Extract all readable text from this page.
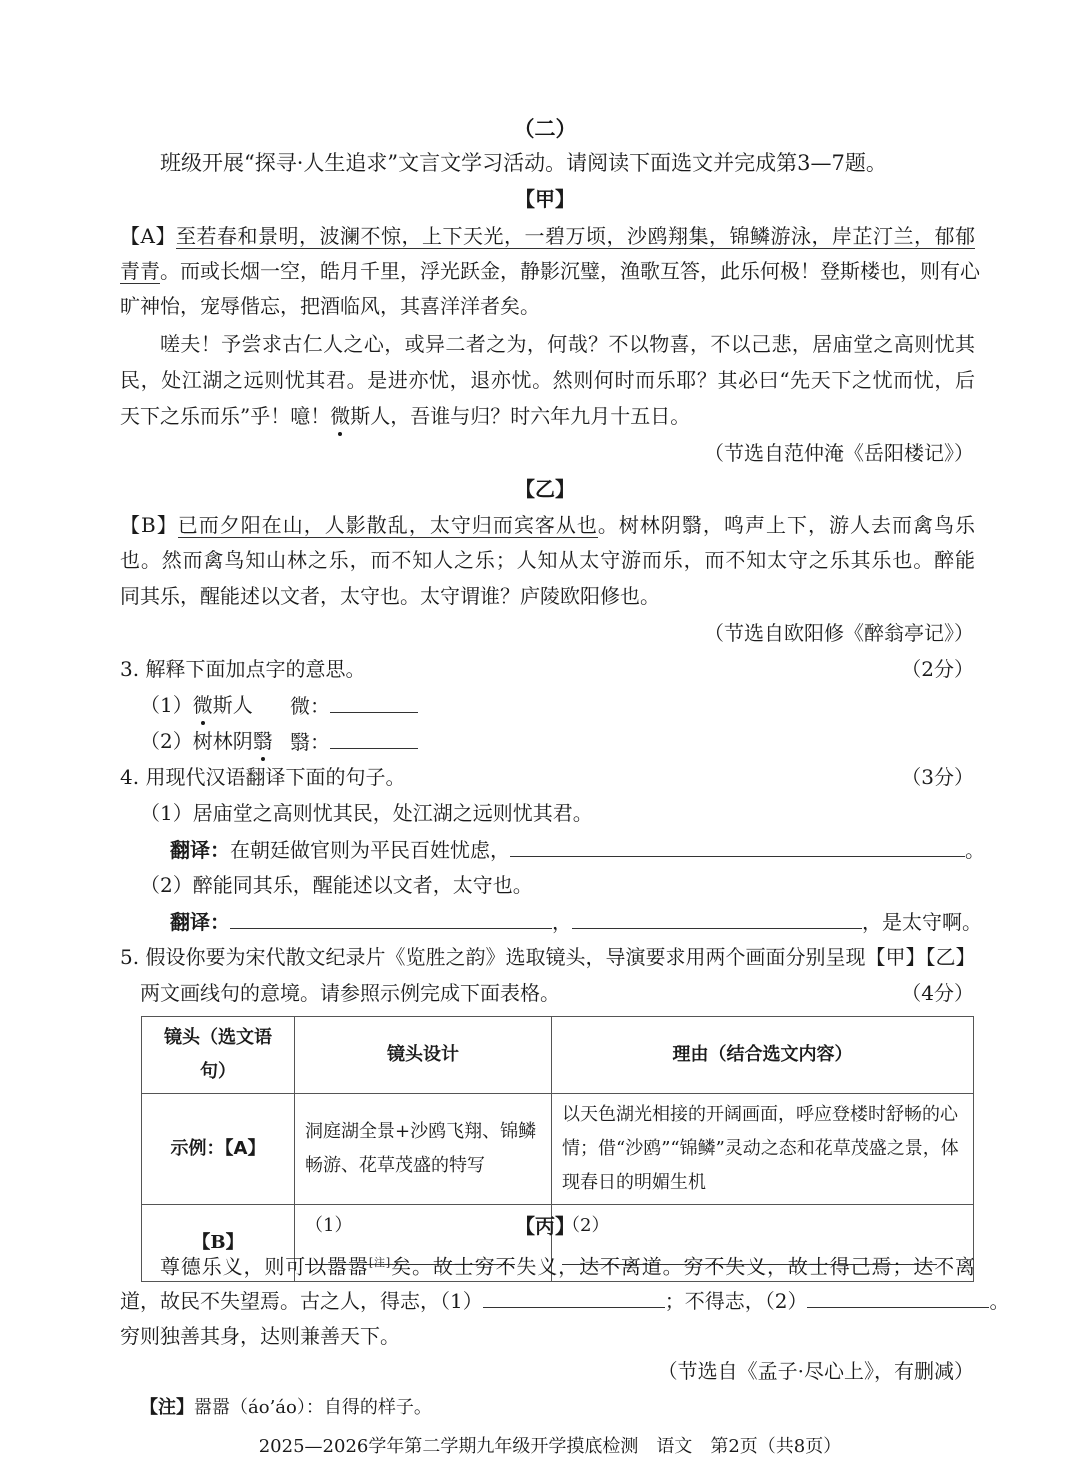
（二）
班级开展“探寻·人生追求”文言文学习活动。请阅读下面选文并完成第3—7题。
【甲】
【A】至若春和景明，波澜不惊，上下天光，一碧万顷，沙鸥翔集，锦鳞游泳，岸芷汀兰，郁郁
青青。而或长烟一空，皓月千里，浮光跃金，静影沉璧，渔歌互答，此乐何极！登斯楼也，则有心
旷神怡，宠辱偕忘，把酒临风，其喜洋洋者矣。
嗟夫！予尝求古仁人之心，或异二者之为，何哉？不以物喜，不以己悲，居庙堂之高则忧其
民，处江湖之远则忧其君。是进亦忧，退亦忧。然则何时而乐耶？其必曰“先天下之忧而忧，后
天下之乐而乐”乎！噫！微斯人，吾谁与归？时六年九月十五日。
（节选自范仲淹《岳阳楼记》）
【乙】
【B】已而夕阳在山，人影散乱，太守归而宾客从也。树林阴翳，鸣声上下，游人去而禽鸟乐
也。然而禽鸟知山林之乐，而不知人之乐；人知从太守游而乐，而不知太守之乐其乐也。醉能
同其乐，醒能述以文者，太守也。太守谓谁？庐陵欧阳修也。
（节选自欧阳修《醉翁亭记》）
3. 解释下面加点字的意思。	（2分）
（1）微斯人 微：
（2）树林阴翳 翳：
4. 用现代汉语翻译下面的句子。	（3分）
（1）居庙堂之高则忧其民，处江湖之远则忧其君。
翻译：在朝廷做官则为平民百姓忧虑，	。
（2）醉能同其乐，醒能述以文者，太守也。
翻译：	，	，是太守啊。
5. 假设你要为宋代散文纪录片《览胜之韵》选取镜头，导演要求用两个画面分别呈现【甲】【乙】
两文画线句的意境。请参照示例完成下面表格。	（4分）
镜头（选文语句）	镜头设计	理由（结合选文内容）
示例：【A】	洞庭湖全景+沙鸥飞翔、锦鳞畅游、花草茂盛的特写	以天色湖光相接的开阔画面，呼应登楼时舒畅的心情；借“沙鸥”“锦鳞”灵动之态和花草茂盛之景，体现春日的明媚生机
【B】	（1）	（2）
【丙】
尊德乐义，则可以嚣嚣[注]矣。故士穷不失义，达不离道。穷不失义，故士得己焉；达不离
道，故民不失望焉。古之人，得志，（1）	；不得志，（2）	。
穷则独善其身，达则兼善天下。
（节选自《孟子·尽心上》，有删减）
【注】嚣嚣（áo’áo）：自得的样子。
2025—2026学年第二学期九年级开学摸底检测　语文　第2页（共8页）
